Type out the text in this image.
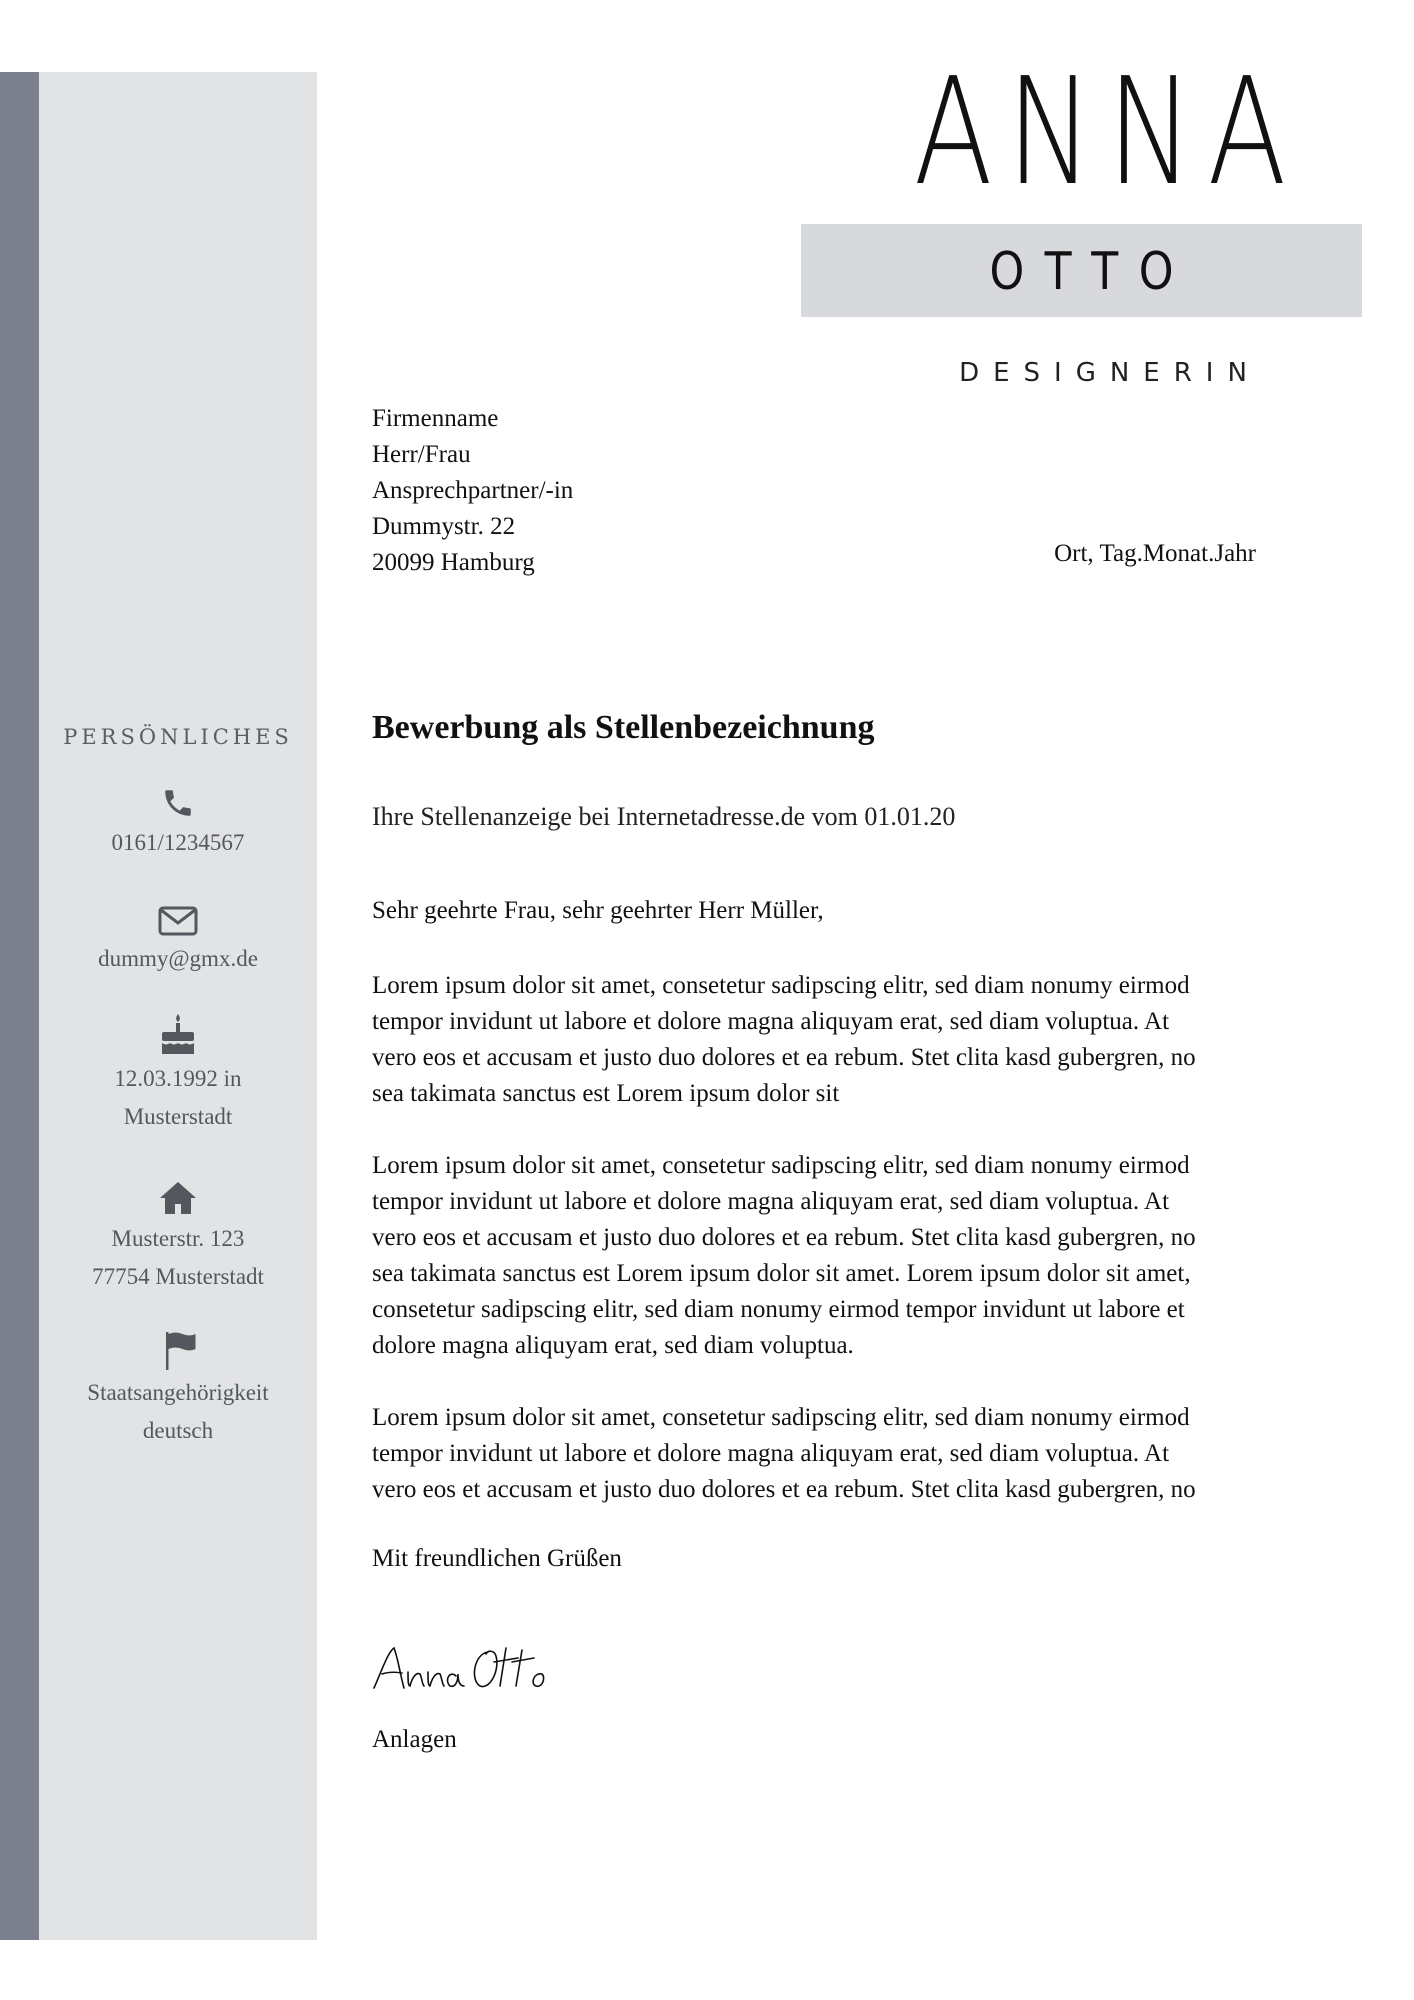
ANNA
OTTO
DESIGNERIN
Firmenname
Herr/Frau
Ansprechpartner/-in
Dummystr. 22
20099 Hamburg	Ort, Tag.Monat.Jahr
PERSÖNLICHES
0161/1234567
dummy@gmx.de
12.03.1992 in
Musterstadt
Musterstr. 123
77754 Musterstadt
Staatsangehörigkeit
deutsch
Bewerbung als Stellenbezeichnung
Ihre Stellenanzeige bei Internetadresse.de vom 01.01.20
Sehr geehrte Frau, sehr geehrter Herr Müller,
Lorem ipsum dolor sit amet, consetetur sadipscing elitr, sed diam nonumy eirmod
tempor invidunt ut labore et dolore magna aliquyam erat, sed diam voluptua. At
vero eos et accusam et justo duo dolores et ea rebum. Stet clita kasd gubergren, no
sea takimata sanctus est Lorem ipsum dolor sit
Lorem ipsum dolor sit amet, consetetur sadipscing elitr, sed diam nonumy eirmod
tempor invidunt ut labore et dolore magna aliquyam erat, sed diam voluptua. At
vero eos et accusam et justo duo dolores et ea rebum. Stet clita kasd gubergren, no
sea takimata sanctus est Lorem ipsum dolor sit amet. Lorem ipsum dolor sit amet,
consetetur sadipscing elitr, sed diam nonumy eirmod tempor invidunt ut labore et
dolore magna aliquyam erat, sed diam voluptua.
Lorem ipsum dolor sit amet, consetetur sadipscing elitr, sed diam nonumy eirmod
tempor invidunt ut labore et dolore magna aliquyam erat, sed diam voluptua. At
vero eos et accusam et justo duo dolores et ea rebum. Stet clita kasd gubergren, no
Mit freundlichen Grüßen
Anlagen
